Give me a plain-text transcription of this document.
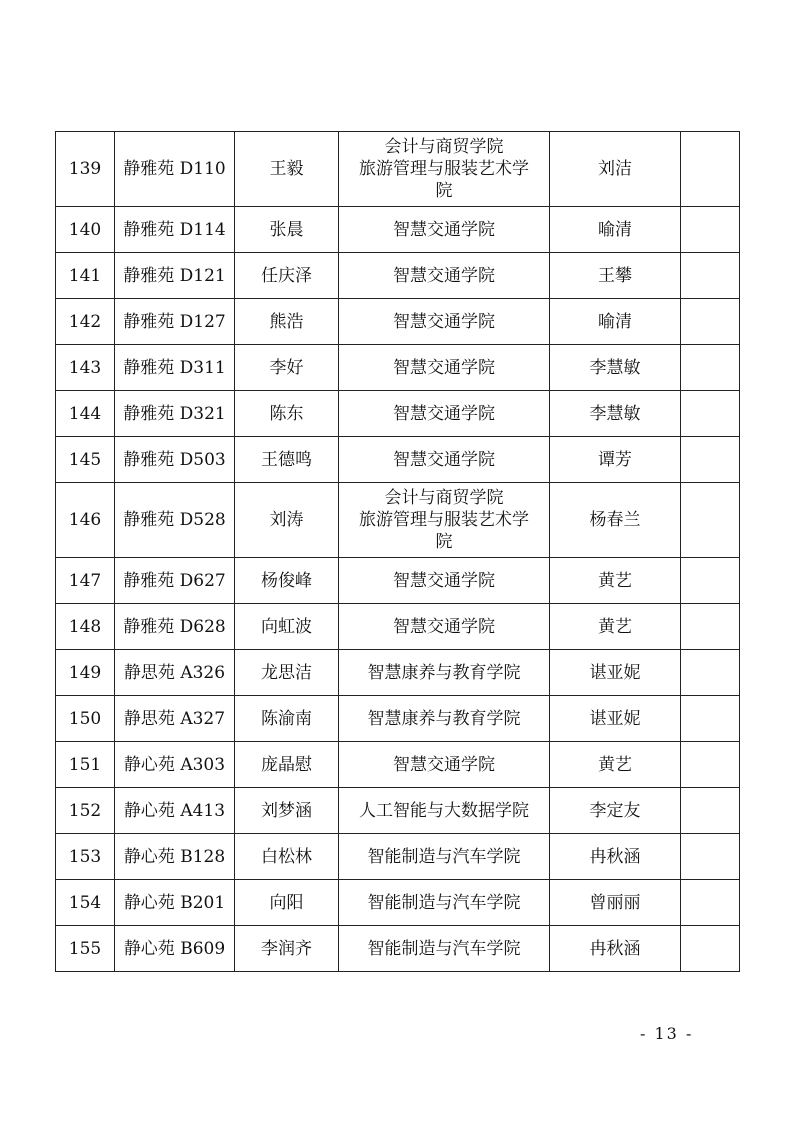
139	静雅苑 D110	王毅	会计与商贸学院
旅游管理与服装艺术学
院	刘洁	
140	静雅苑 D114	张晨	智慧交通学院	喻清	
141	静雅苑 D121	任庆泽	智慧交通学院	王攀	
142	静雅苑 D127	熊浩	智慧交通学院	喻清	
143	静雅苑 D311	李好	智慧交通学院	李慧敏	
144	静雅苑 D321	陈东	智慧交通学院	李慧敏	
145	静雅苑 D503	王德鸣	智慧交通学院	谭芳	
146	静雅苑 D528	刘涛	会计与商贸学院
旅游管理与服装艺术学
院	杨春兰	
147	静雅苑 D627	杨俊峰	智慧交通学院	黄艺	
148	静雅苑 D628	向虹波	智慧交通学院	黄艺	
149	静思苑 A326	龙思洁	智慧康养与教育学院	谌亚妮	
150	静思苑 A327	陈渝南	智慧康养与教育学院	谌亚妮	
151	静心苑 A303	庞晶慰	智慧交通学院	黄艺	
152	静心苑 A413	刘梦涵	人工智能与大数据学院	李定友	
153	静心苑 B128	白松林	智能制造与汽车学院	冉秋涵	
154	静心苑 B201	向阳	智能制造与汽车学院	曾丽丽	
155	静心苑 B609	李润齐	智能制造与汽车学院	冉秋涵	
- 13 -
